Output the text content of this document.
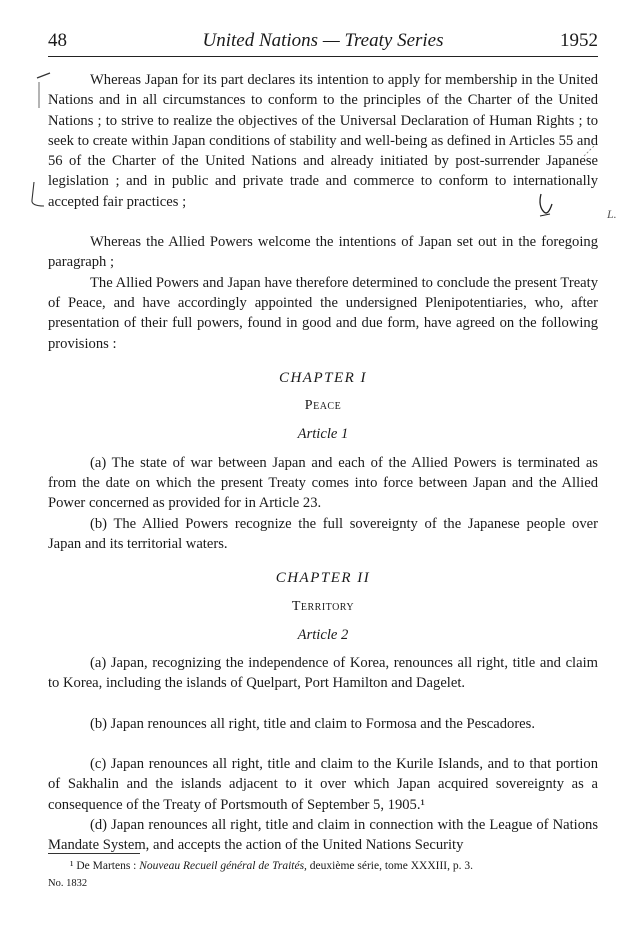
48	United Nations — Treaty Series	1952

Whereas Japan for its part declares its intention to apply for membership in the United Nations and in all circumstances to conform to the principles of the Charter of the United Nations ; to strive to realize the objectives of the Universal Declaration of Human Rights ; to seek to create within Japan conditions of stability and well-being as defined in Articles 55 and 56 of the Charter of the United Nations and already initiated by post-surrender Japanese legislation ; and in public and private trade and commerce to conform to internationally accepted fair practices ;

Whereas the Allied Powers welcome the intentions of Japan set out in the foregoing paragraph ;

The Allied Powers and Japan have therefore determined to conclude the present Treaty of Peace, and have accordingly appointed the undersigned Plenipotentiaries, who, after presentation of their full powers, found in good and due form, have agreed on the following provisions :

CHAPTER I

Peace

Article 1

(a) The state of war between Japan and each of the Allied Powers is terminated as from the date on which the present Treaty comes into force between Japan and the Allied Power concerned as provided for in Article 23.

(b) The Allied Powers recognize the full sovereignty of the Japanese people over Japan and its territorial waters.

CHAPTER II

Territory

Article 2

(a) Japan, recognizing the independence of Korea, renounces all right, title and claim to Korea, including the islands of Quelpart, Port Hamilton and Dagelet.

(b) Japan renounces all right, title and claim to Formosa and the Pescadores.

(c) Japan renounces all right, title and claim to the Kurile Islands, and to that portion of Sakhalin and the islands adjacent to it over which Japan acquired sovereignty as a consequence of the Treaty of Portsmouth of September 5, 1905.¹

(d) Japan renounces all right, title and claim in connection with the League of Nations Mandate System, and accepts the action of the United Nations Security

¹ De Martens : Nouveau Recueil général de Traités, deuxième série, tome XXXIII, p. 3.
No. 1832
L.
